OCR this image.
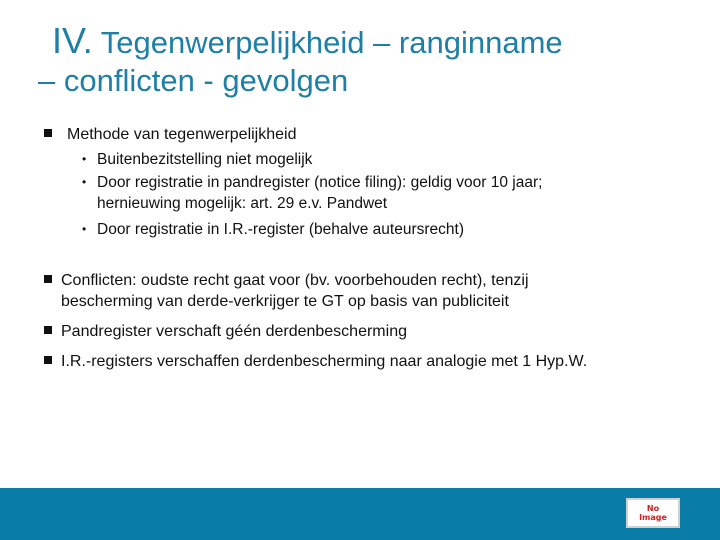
IV. Tegenwerpelijkheid – ranginname
– conflicten - gevolgen
Methode van tegenwerpelijkheid
• Buitenbezitstelling niet mogelijk
• Door registratie in pandregister (notice filing): geldig voor 10 jaar;
hernieuwing mogelijk: art. 29 e.v. Pandwet
• Door registratie in I.R.-register (behalve auteursrecht)
Conflicten: oudste recht gaat voor (bv. voorbehouden recht), tenzij
bescherming van derde-verkrijger te GT op basis van publiciteit
Pandregister verschaft géén derdenbescherming
I.R.-registers verschaffen derdenbescherming naar analogie met 1 Hyp.W.
No
Image
